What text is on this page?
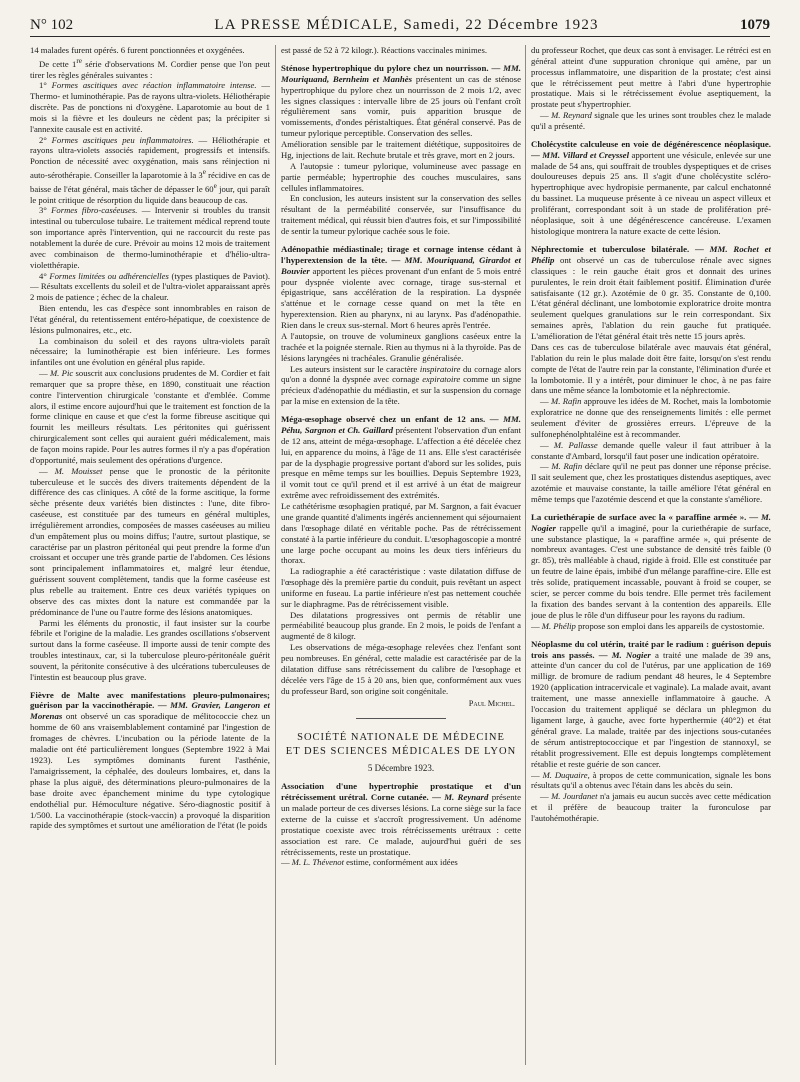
N° 102	LA PRESSE MÉDICALE, Samedi, 22 Décembre 1923	1079

14 malades furent opérés. 6 furent ponctionnées et oxygénées.

De cette 1re série d'observations M. Cordier pense que l'on peut tirer les règles générales suivantes :

1° Formes ascitiques avec réaction inflammatoire intense. — Thermo- et luminothérapie. Pas de rayons ultra-violets. Héliothérapie discrète. Pas de ponctions ni d'oxygène. Laparotomie au bout de 1 mois si la fièvre et les douleurs ne cèdent pas; la précipiter si l'annexite causale est en activité.

2° Formes ascitiques peu inflammatoires. — Héliothérapie et rayons ultra-violets associés rapidement, progressifs et intensifs. Ponction de nécessité avec oxygénation, mais sans réinjection ni auto-sérothérapie. Conseiller la laparotomie à la 3e récidive en cas de baisse de l'état général, mais tâcher de dépasser le 60e jour, qui paraît le point critique de résorption du liquide dans beaucoup de cas.

3° Formes fibro-caséeuses. — Intervenir si troubles du transit intestinal ou tuberculose tubaire. Le traitement médical reprend toute son importance après l'intervention, qui ne raccourcit du reste pas notablement la durée de cure. Prévoir au moins 12 mois de traitement avec combinaison de thermo-luminothérapie et d'hélio-ultra-violetthérapie.

4° Formes limitées ou adhérencielles (types plastiques de Paviot). — Résultats excellents du soleil et de l'ultra-violet apparaissant après 2 mois de patience ; échec de la chaleur.

Bien entendu, les cas d'espèce sont innombrables en raison de l'état général, du retentissement entéro-hépatique, de coexistence de lésions pulmonaires, etc., etc.

La combinaison du soleil et des rayons ultra-violets paraît nécessaire; la luminothérapie est bien inférieure. Les formes infantiles ont une évolution en général plus rapide.

— M. Pic souscrit aux conclusions prudentes de M. Cordier et fait remarquer que sa propre thèse, en 1890, constituait une réaction contre l'intervention chirurgicale 'constante et d'emblée. Comme alors, il estime encore aujourd'hui que le traitement est fonction de la forme clinique en cause et que c'est la forme fibreuse ascitique qui fournit les meilleurs résultats. Les péritonites qui guérissent chirurgicalement sont celles qui auraient guéri médicalement, mais de façon moins rapide. Pour les autres formes il n'y a pas d'opération d'opportunité, mais seulement des opérations d'urgence.

— M. Mouisset pense que le pronostic de la péritonite tuberculeuse et le succès des divers traitements dépendent de la différence des cas cliniques. A côté de la forme ascitique, la forme sèche présente deux variétés bien distinctes : l'une, dite fibro-caséeuse, est constituée par des tumeurs en général multiples, irrégulièrement arrondies, composées de masses caséeuses au milieu d'un empâtement plus ou moins diffus; l'autre, surtout plastique, se caractérise par un plastron péritonéal qui peut prendre la forme d'un croissant et occuper une très grande partie de l'abdomen. Ces lésions sont principalement inflammatoires et, malgré leur étendue, guérissent souvent complètement, tandis que la forme caséeuse est plus rebelle au traitement. Entre ces deux variétés typiques on observe des cas mixtes dont la nature est commandée par la prédominance de l'une ou l'autre forme des lésions anatomiques.

Parmi les éléments du pronostic, il faut insister sur la courbe fébrile et l'origine de la maladie. Les grandes oscillations s'observent surtout dans la forme caséeuse. Il importe aussi de tenir compte des troubles intestinaux, car, si la tuberculose pleuro-péritonéale guérit souvent, la péritonite consécutive à des ulcérations tuberculeuses de l'intestin est beaucoup plus grave.

Fièvre de Malte avec manifestations pleuro-pulmonaires; guérison par la vaccinothérapie. — MM. Gravier, Langeron et Morenas ont observé un cas sporadique de mélitococcie chez un homme de 60 ans vraisemblablement contaminé par l'ingestion de fromages de chèvres. L'incubation ou la période latente de la maladie ont été particulièrement longues (Septembre 1922 à Mai 1923). Les symptômes dominants furent l'asthénie, l'amaigrissement, la céphalée, des douleurs lombaires, et, dans la phase la plus aiguë, des déterminations pleuro-pulmonaires de la base droite avec épanchement minime du type cytologique endothélial pur. Hémoculture négative. Séro-diagnostic positif à 1/500. La vaccinothérapie (stock-vaccin) a provoqué la disparition rapide des symptômes et surtout une amélioration de l'état (le poids

est passé de 52 à 72 kilogr.). Réactions vaccinales minimes.

Sténose hypertrophique du pylore chez un nourrisson. — MM. Mouriquand, Bernheim et Manhès présentent un cas de sténose hypertrophique du pylore chez un nourrisson de 2 mois 1/2, avec les signes classiques : intervalle libre de 25 jours où l'enfant croît régulièrement sans vomir, puis apparition brusque de vomissements, d'ondes péristaltiques. État général conservé. Pas de tumeur pylorique perceptible. Conservation des selles.

Amélioration sensible par le traitement diététique, suppositoires de Hg, injections de lait. Rechute brutale et très grave, mort en 2 jours.

A l'autopsie : tumeur pylorique, volumineuse avec passage en partie perméable; hypertrophie des couches musculaires, sans cellules inflammatoires.

En conclusion, les auteurs insistent sur la conservation des selles résultant de la perméabilité conservée, sur l'insuffisance du traitement médical, qui réussit bien d'autres fois, et sur l'impossibilité de sentir la tumeur pylorique cachée sous le foie.

Adénopathie médiastinale; tirage et cornage intense cédant à l'hyperextension de la tête. — MM. Mouriquand, Girardot et Bouvier apportent les pièces provenant d'un enfant de 5 mois entré pour dyspnée violente avec cornage, tirage sus-sternal et épigastrique, sans accélération de la respiration. La dyspnée s'atténue et le cornage cesse quand on met la tête en hyperextension. Rien au pharynx, ni au larynx. Pas d'adénopathie. Rien dans le creux sus-sternal. Mort 6 heures après l'entrée.

A l'autopsie, on trouve de volumineux ganglions caséeux entre la trachée et la poignée sternale. Rien au thymus ni à la thyroïde. Pas de lésions laryngées ni trachéales. Granulie généralisée.

Les auteurs insistent sur le caractère inspiratoire du cornage alors qu'on a donné la dyspnée avec cornage expiratoire comme un signe précieux d'adénopathie du médiastin, et sur la suspension du cornage par la mise en extension de la tête.

Méga-œsophage observé chez un enfant de 12 ans. — MM. Péhu, Sargnon et Ch. Gaillard présentent l'observation d'un enfant de 12 ans, atteint de méga-œsophage. L'affection a été décelée chez lui, en apparence du moins, à l'âge de 11 ans. Elle s'est caractérisée par de la dysphagie progressive portant d'abord sur les solides, puis presque en même temps sur les bouillies. Depuis Septembre 1923, il vomit tout ce qu'il prend et il est arrivé à un état de maigreur extrême avec refroidissement des extrémités.

Le cathétérisme œsophagien pratiqué, par M. Sargnon, a fait évacuer une grande quantité d'aliments ingérés anciennement qui séjournaient dans l'œsophage dilaté en véritable poche. Pas de rétrécissement constaté à la partie inférieure du conduit. L'œsophagoscopie a montré une large poche occupant au moins les deux tiers inférieurs du thorax.

La radiographie a été caractéristique : vaste dilatation diffuse de l'œsophage dès la première partie du conduit, puis revêtant un aspect uniforme en fuseau. La partie inférieure n'est pas nettement couchée sur le diaphragme. Pas de rétrécissement visible.

Des dilatations progressives ont permis de rétablir une perméabilité beaucoup plus grande. En 2 mois, le poids de l'enfant a augmenté de 8 kilogr.

Les observations de méga-œsophage relevées chez l'enfant sont peu nombreuses. En général, cette maladie est caractérisée par de la dilatation diffuse sans rétrécissement du calibre de l'œsophage et décelée vers l'âge de 15 à 20 ans, bien que, conformément aux vues du professeur Bard, son origine soit congénitale.

Paul Michel.
SOCIÉTÉ NATIONALE DE MÉDECINE
ET DES SCIENCES MÉDICALES DE LYON
5 Décembre 1923.
Association d'une hypertrophie prostatique et d'un rétrécissement urétral. Corne cutanée. — M. Reynard présente un malade porteur de ces diverses lésions. La corne siège sur la face externe de la cuisse et s'accroît progressivement. Un adénome prostatique coexiste avec trois rétrécissements urétraux : cette association est rare. Ce malade, aujourd'hui guéri de ses rétrécissements, reste un prostatique.

— M. L. Thévenot estime, conformément aux idées

du professeur Rochet, que deux cas sont à envisager. Le rétréci est en général atteint d'une suppuration chronique qui amène, par un processus inflammatoire, une disparition de la prostate; c'est ainsi que le rétrécissement peut mettre à l'abri d'une hypertrophie prostatique. Mais si le rétrécissement évolue aseptiquement, la prostate peut s'hypertrophier.

— M. Reynard signale que les urines sont troubles chez le malade qu'il a présenté.

Cholécystite calculeuse en voie de dégénérescence néoplasique. — MM. Villard et Creyssel apportent une vésicule, enlevée sur une malade de 54 ans, qui souffrait de troubles dyspeptiques et de crises douloureuses depuis 25 ans. Il s'agit d'une cholécystite scléro-hypertrophique avec hydropisie permanente, par calcul enchatonné du bassinet. La muqueuse présente à ce niveau un aspect villeux et proliférant, correspondant soit à un stade de prolifération pré-néoplasique, soit à une dégénérescence cancéreuse. L'examen histologique montrera la nature exacte de cette lésion.
Néphrectomie et tuberculose bilatérale. — MM. Rochet et Phélip ont observé un cas de tuberculose rénale avec signes classiques : le rein gauche était gros et donnait des urines purulentes, le rein droit était faiblement positif. Élimination d'urée satisfaisante (12 gr.). Azotémie de 0 gr. 35. Constante de 0,100. L'état général déclinant, une lombotomie exploratrice droite montra seulement quelques granulations sur le rein correspondant. Six semaines après, l'ablation du rein gauche fut pratiquée. L'amélioration de l'état général était très nette 15 jours après.

Dans ces cas de tuberculose bilatérale avec mauvais état général, l'ablation du rein le plus malade doit être faite, lorsqu'on s'est rendu compte de l'état de l'autre rein par la constante, l'élimination d'urée et la lombotomie. Il y a intérêt, pour diminuer le choc, à ne pas faire dans une même séance la lombotomie et la néphrectomie.

— M. Rafin approuve les idées de M. Rochet, mais la lombotomie exploratrice ne donne que des renseignements limités : elle permet seulement d'éviter de grossières erreurs. L'épreuve de la sulfonephénolphtaléine est à recommander.

— M. Pallasse demande quelle valeur il faut attribuer à la constante d'Ambard, lorsqu'il faut poser une indication opératoire.

— M. Rafin déclare qu'il ne peut pas donner une réponse précise. Il sait seulement que, chez les prostatiques distendus aseptiques, avec azotémie et mauvaise constante, la taille améliore l'état général en même temps que l'azotémie descend et que la constante s'améliore.

La curiethérapie de surface avec la « paraffine armée ». — M. Nogier rappelle qu'il a imaginé, pour la curiethérapie de surface, une substance plastique, la « paraffine armée », qui présente de nombreux avantages. C'est une substance de densité très faible (0 gr. 85), très malléable à chaud, rigide à froid. Elle est constituée par un feutre de laine épais, imbibé d'un mélange paraffine-cire. Elle est très solide, pratiquement incassable, pouvant à froid se couper, se scier, se percer comme du bois tendre. Elle permet très facilement la fixation des bandes servant à la contention des appareils. Elle joue de plus le rôle d'un diffuseur pour les rayons du radium.

— M. Phélip propose son emploi dans les appareils de cystostomie.

Néoplasme du col utérin, traité par le radium : guérison depuis trois ans passés. — M. Nogier a traité une malade de 39 ans, atteinte d'un cancer du col de l'utérus, par une application de 169 milligr. de bromure de radium pendant 48 heures, le 4 Septembre 1920 (application intracervicale et vaginale). La malade avait, avant traitement, une masse annexielle inflammatoire à gauche. A l'occasion du traitement appliqué se déclara un phlegmon du ligament large, à gauche, avec forte hyperthermie (40°2) et état général grave. La malade, traitée par des injections sous-cutanées de sérum antistreptococcique et par l'ingestion de stannoxyl, se rétablit progressivement. Elle est depuis longtemps complètement rétablie et reste guérie de son cancer.

— M. Duquaire, à propos de cette communication, signale les bons résultats qu'il a obtenus avec l'étain dans les abcès du sein.

— M. Jourdanet n'a jamais eu aucun succès avec cette médication et il préfère de beaucoup traiter la furonculose par l'autohémothérapie.
